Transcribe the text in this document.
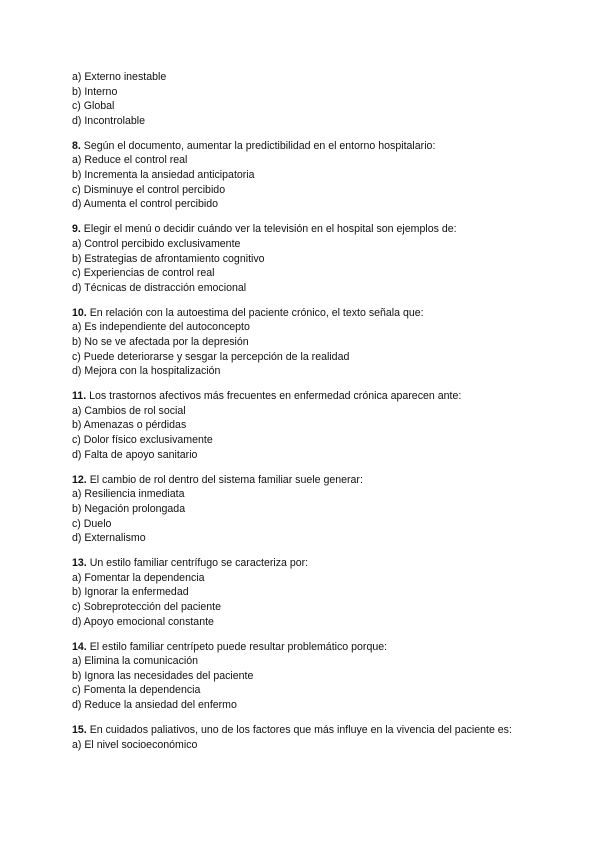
a) Externo inestable
b) Interno
c) Global
d) Incontrolable
8. Según el documento, aumentar la predictibilidad en el entorno hospitalario:
a) Reduce el control real
b) Incrementa la ansiedad anticipatoria
c) Disminuye el control percibido
d) Aumenta el control percibido
9. Elegir el menú o decidir cuándo ver la televisión en el hospital son ejemplos de:
a) Control percibido exclusivamente
b) Estrategias de afrontamiento cognitivo
c) Experiencias de control real
d) Técnicas de distracción emocional
10. En relación con la autoestima del paciente crónico, el texto señala que:
a) Es independiente del autoconcepto
b) No se ve afectada por la depresión
c) Puede deteriorarse y sesgar la percepción de la realidad
d) Mejora con la hospitalización
11. Los trastornos afectivos más frecuentes en enfermedad crónica aparecen ante:
a) Cambios de rol social
b) Amenazas o pérdidas
c) Dolor físico exclusivamente
d) Falta de apoyo sanitario
12. El cambio de rol dentro del sistema familiar suele generar:
a) Resiliencia inmediata
b) Negación prolongada
c) Duelo
d) Externalismo
13. Un estilo familiar centrífugo se caracteriza por:
a) Fomentar la dependencia
b) Ignorar la enfermedad
c) Sobreprotección del paciente
d) Apoyo emocional constante
14. El estilo familiar centrípeto puede resultar problemático porque:
a) Elimina la comunicación
b) Ignora las necesidades del paciente
c) Fomenta la dependencia
d) Reduce la ansiedad del enfermo
15. En cuidados paliativos, uno de los factores que más influye en la vivencia del paciente es:
a) El nivel socioeconómico
